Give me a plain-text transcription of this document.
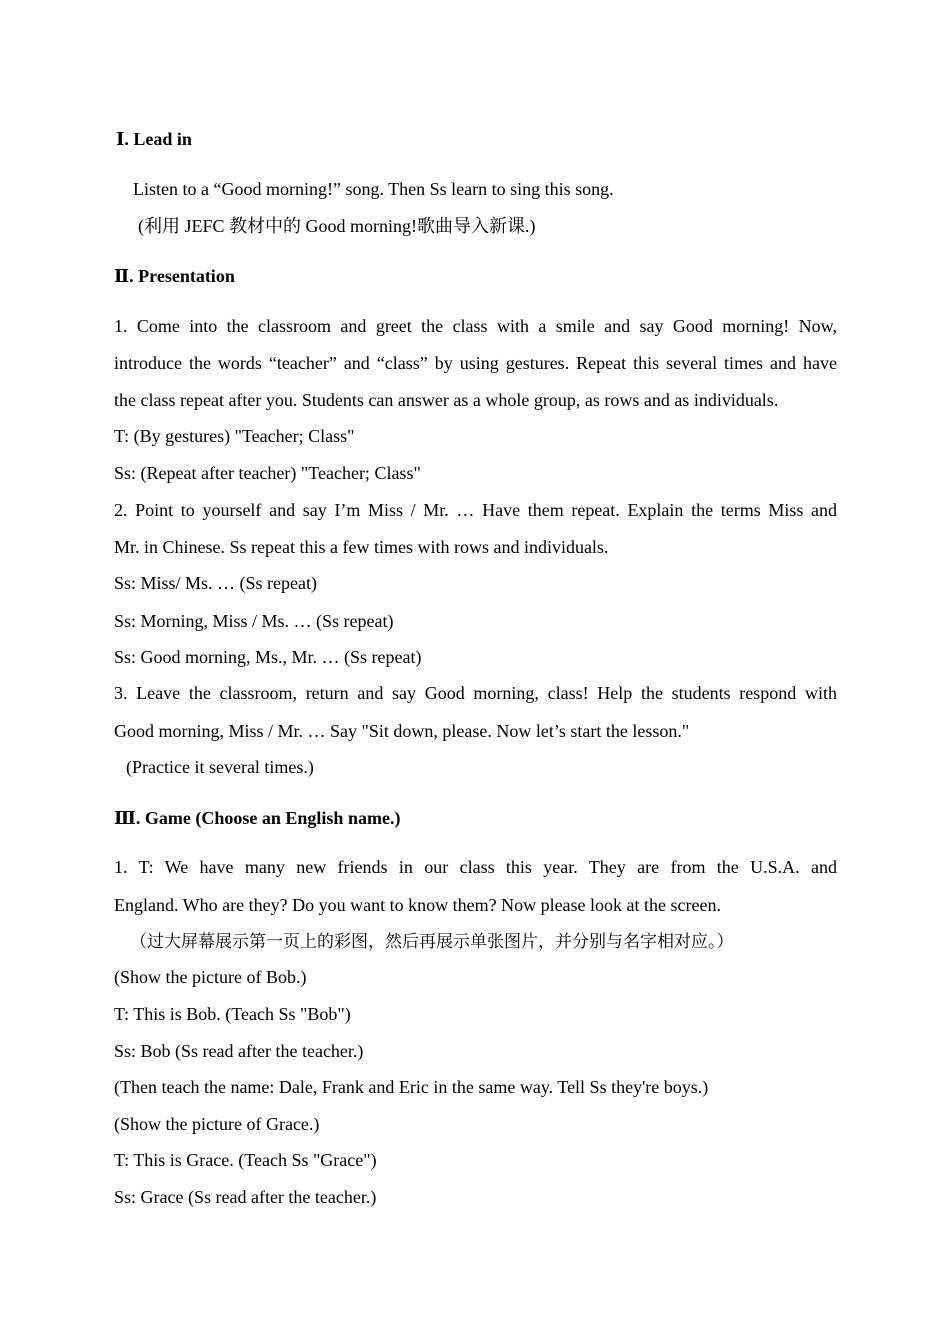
Ⅰ. Lead in
Listen to a “Good morning!” song. Then Ss learn to sing this song.
(利用 JEFC 教材中的 Good morning!歌曲导入新课.)
Ⅱ. Presentation
1. Come into the classroom and greet the class with a smile and say Good morning! Now,
introduce the words “teacher” and “class” by using gestures. Repeat this several times and have
the class repeat after you. Students can answer as a whole group, as rows and as individuals.
T: (By gestures) "Teacher; Class"
Ss: (Repeat after teacher) "Teacher; Class"
2. Point to yourself and say I’m Miss / Mr. … Have them repeat. Explain the terms Miss and
Mr. in Chinese. Ss repeat this a few times with rows and individuals.
Ss: Miss/ Ms. … (Ss repeat)
Ss: Morning, Miss / Ms. … (Ss repeat)
Ss: Good morning, Ms., Mr. … (Ss repeat)
3. Leave the classroom, return and say Good morning, class! Help the students respond with
Good morning, Miss / Mr. … Say "Sit down, please. Now let’s start the lesson."
(Practice it several times.)
Ⅲ. Game (Choose an English name.)
1. T: We have many new friends in our class this year. They are from the U.S.A. and
England. Who are they? Do you want to know them? Now please look at the screen.
（过大屏幕展示第一页上的彩图，然后再展示单张图片，并分别与名字相对应。）
(Show the picture of Bob.)
T: This is Bob. (Teach Ss "Bob")
Ss: Bob (Ss read after the teacher.)
(Then teach the name: Dale, Frank and Eric in the same way. Tell Ss they're boys.)
(Show the picture of Grace.)
T: This is Grace. (Teach Ss "Grace")
Ss: Grace (Ss read after the teacher.)
